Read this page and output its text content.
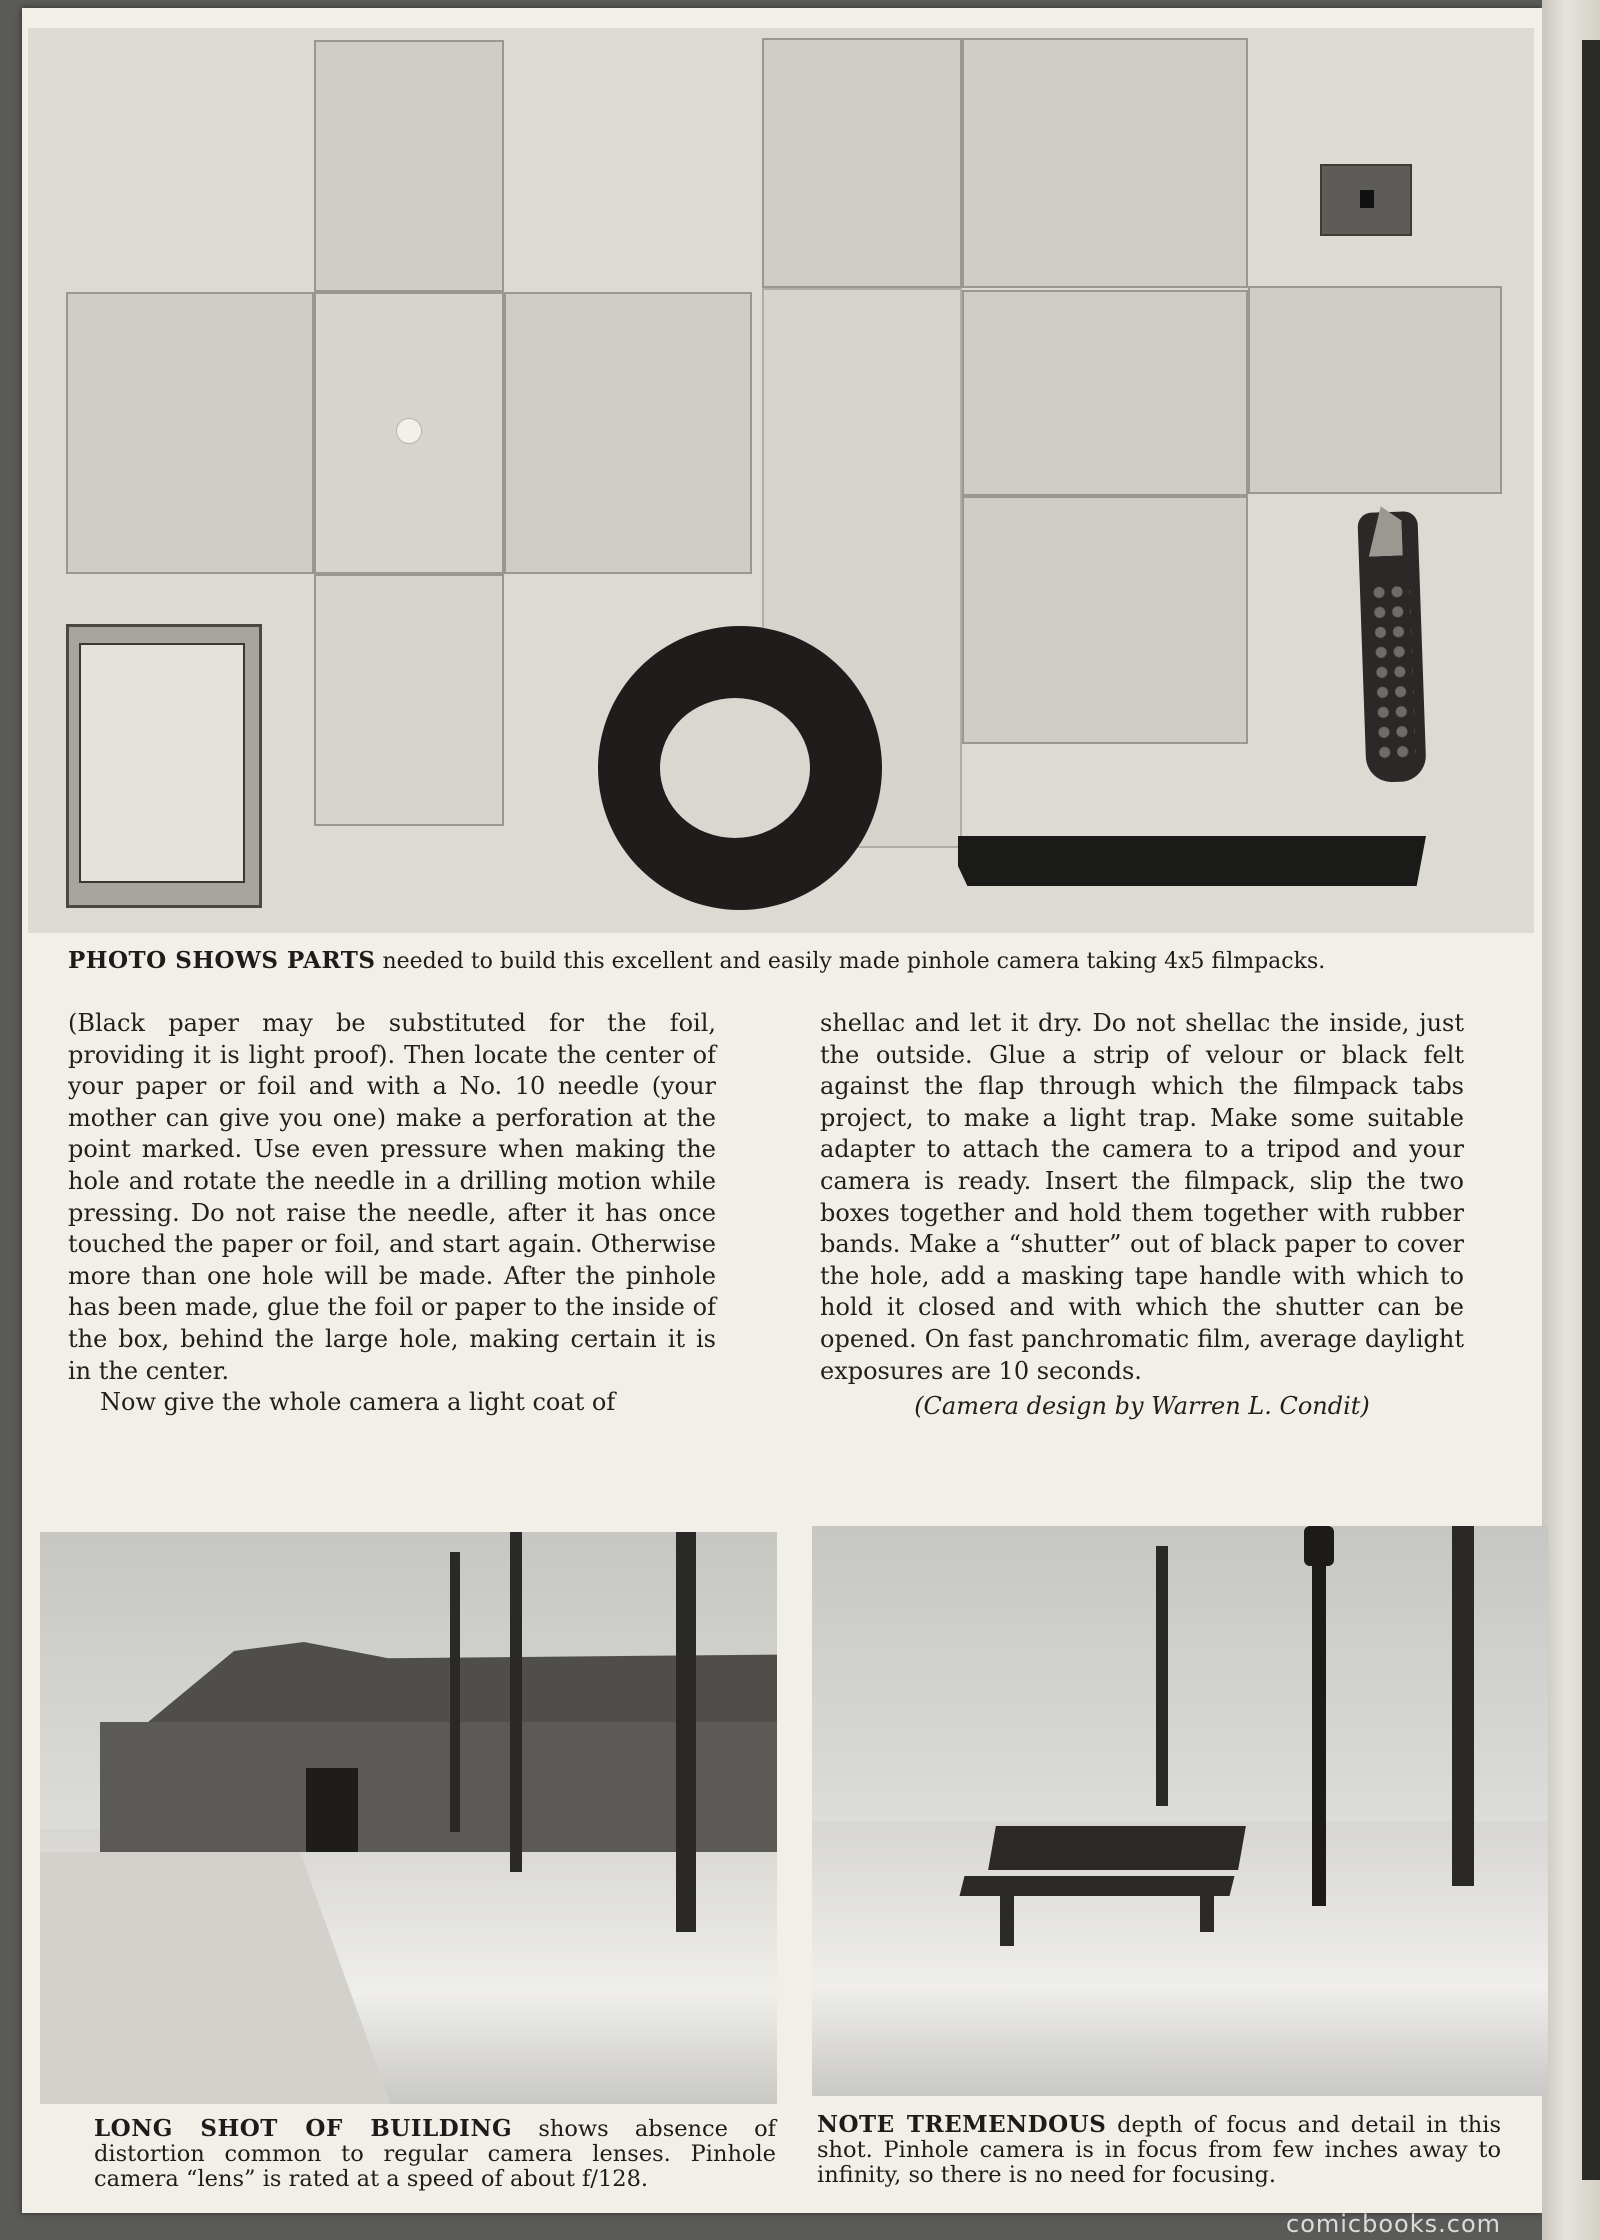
PHOTO SHOWS PARTS needed to build this excellent and easily made pinhole camera taking 4x5 filmpacks.

(Black paper may be substituted for the foil, providing it is light proof). Then locate the center of your paper or foil and with a No. 10 needle (your mother can give you one) make a perforation at the point marked. Use even pressure when making the hole and rotate the needle in a drilling motion while pressing. Do not raise the needle, after it has once touched the paper or foil, and start again. Otherwise more than one hole will be made. After the pinhole has been made, glue the foil or paper to the inside of the box, behind the large hole, making certain it is in the center.

Now give the whole camera a light coat of

shellac and let it dry. Do not shellac the inside, just the outside. Glue a strip of velour or black felt against the flap through which the filmpack tabs project, to make a light trap. Make some suitable adapter to attach the camera to a tripod and your camera is ready. Insert the filmpack, slip the two boxes together and hold them together with rubber bands. Make a “shutter” out of black paper to cover the hole, add a masking tape handle with which to hold it closed and with which the shutter can be opened. On fast panchromatic film, average daylight exposures are 10 seconds.

(Camera design by Warren L. Condit)
LONG SHOT OF BUILDING shows absence of distortion common to regular camera lenses. Pinhole camera “lens” is rated at a speed of about f/128.
NOTE TREMENDOUS depth of focus and detail in this shot. Pinhole camera is in focus from few inches away to infinity, so there is no need for focusing.
comicbooks.com
